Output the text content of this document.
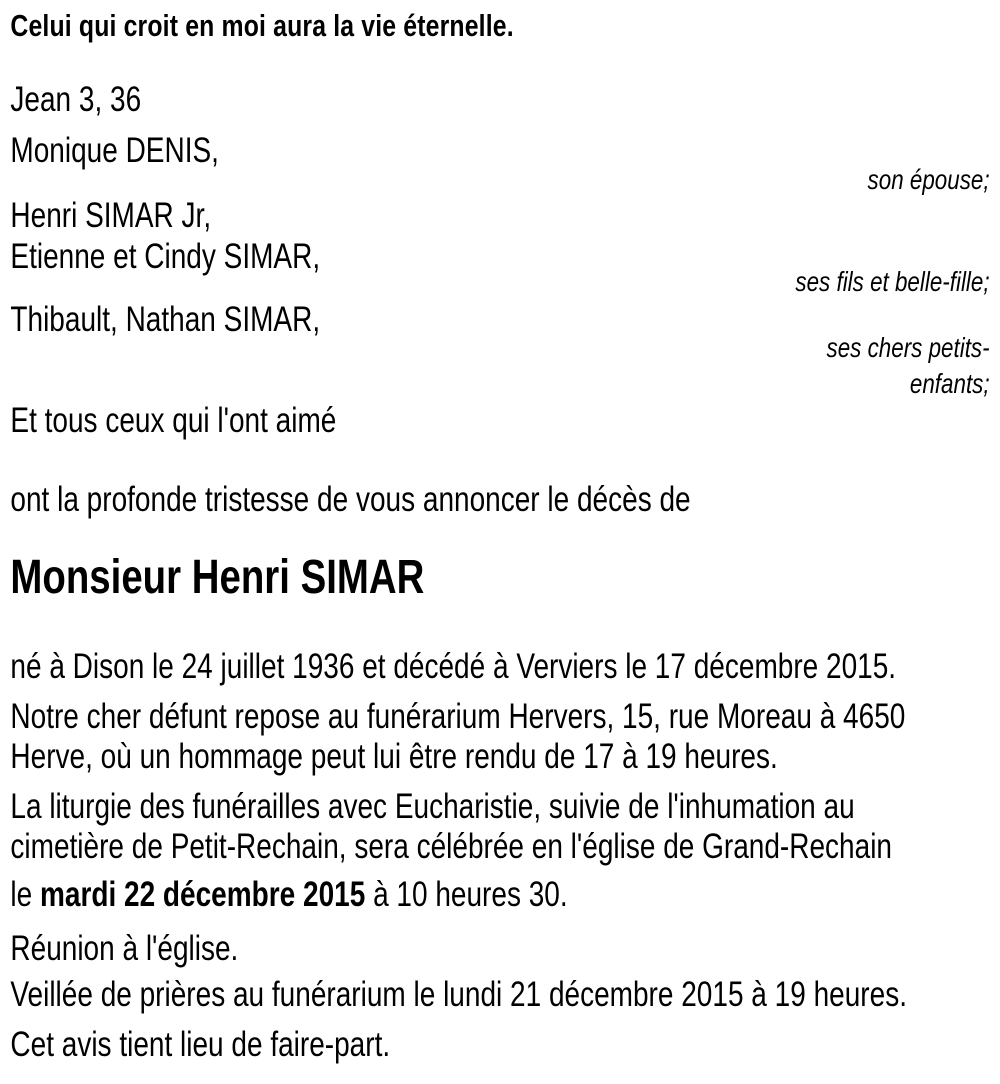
Celui qui croit en moi aura la vie éternelle.
Jean 3, 36
Monique DENIS,
son épouse;
Henri SIMAR Jr,
Etienne et Cindy SIMAR,
ses fils et belle-fille;
Thibault, Nathan SIMAR,
ses chers petits-
enfants;
Et tous ceux qui l'ont aimé
ont la profonde tristesse de vous annoncer le décès de
Monsieur Henri SIMAR
né à Dison le 24 juillet 1936 et décédé à Verviers le 17 décembre 2015.
Notre cher défunt repose au funérarium Hervers, 15, rue Moreau à 4650
Herve, où un hommage peut lui être rendu de 17 à 19 heures.
La liturgie des funérailles avec Eucharistie, suivie de l'inhumation au
cimetière de Petit-Rechain, sera célébrée en l'église de Grand-Rechain
le mardi 22 décembre 2015 à 10 heures 30.
Réunion à l'église.
Veillée de prières au funérarium le lundi 21 décembre 2015 à 19 heures.
Cet avis tient lieu de faire-part.
